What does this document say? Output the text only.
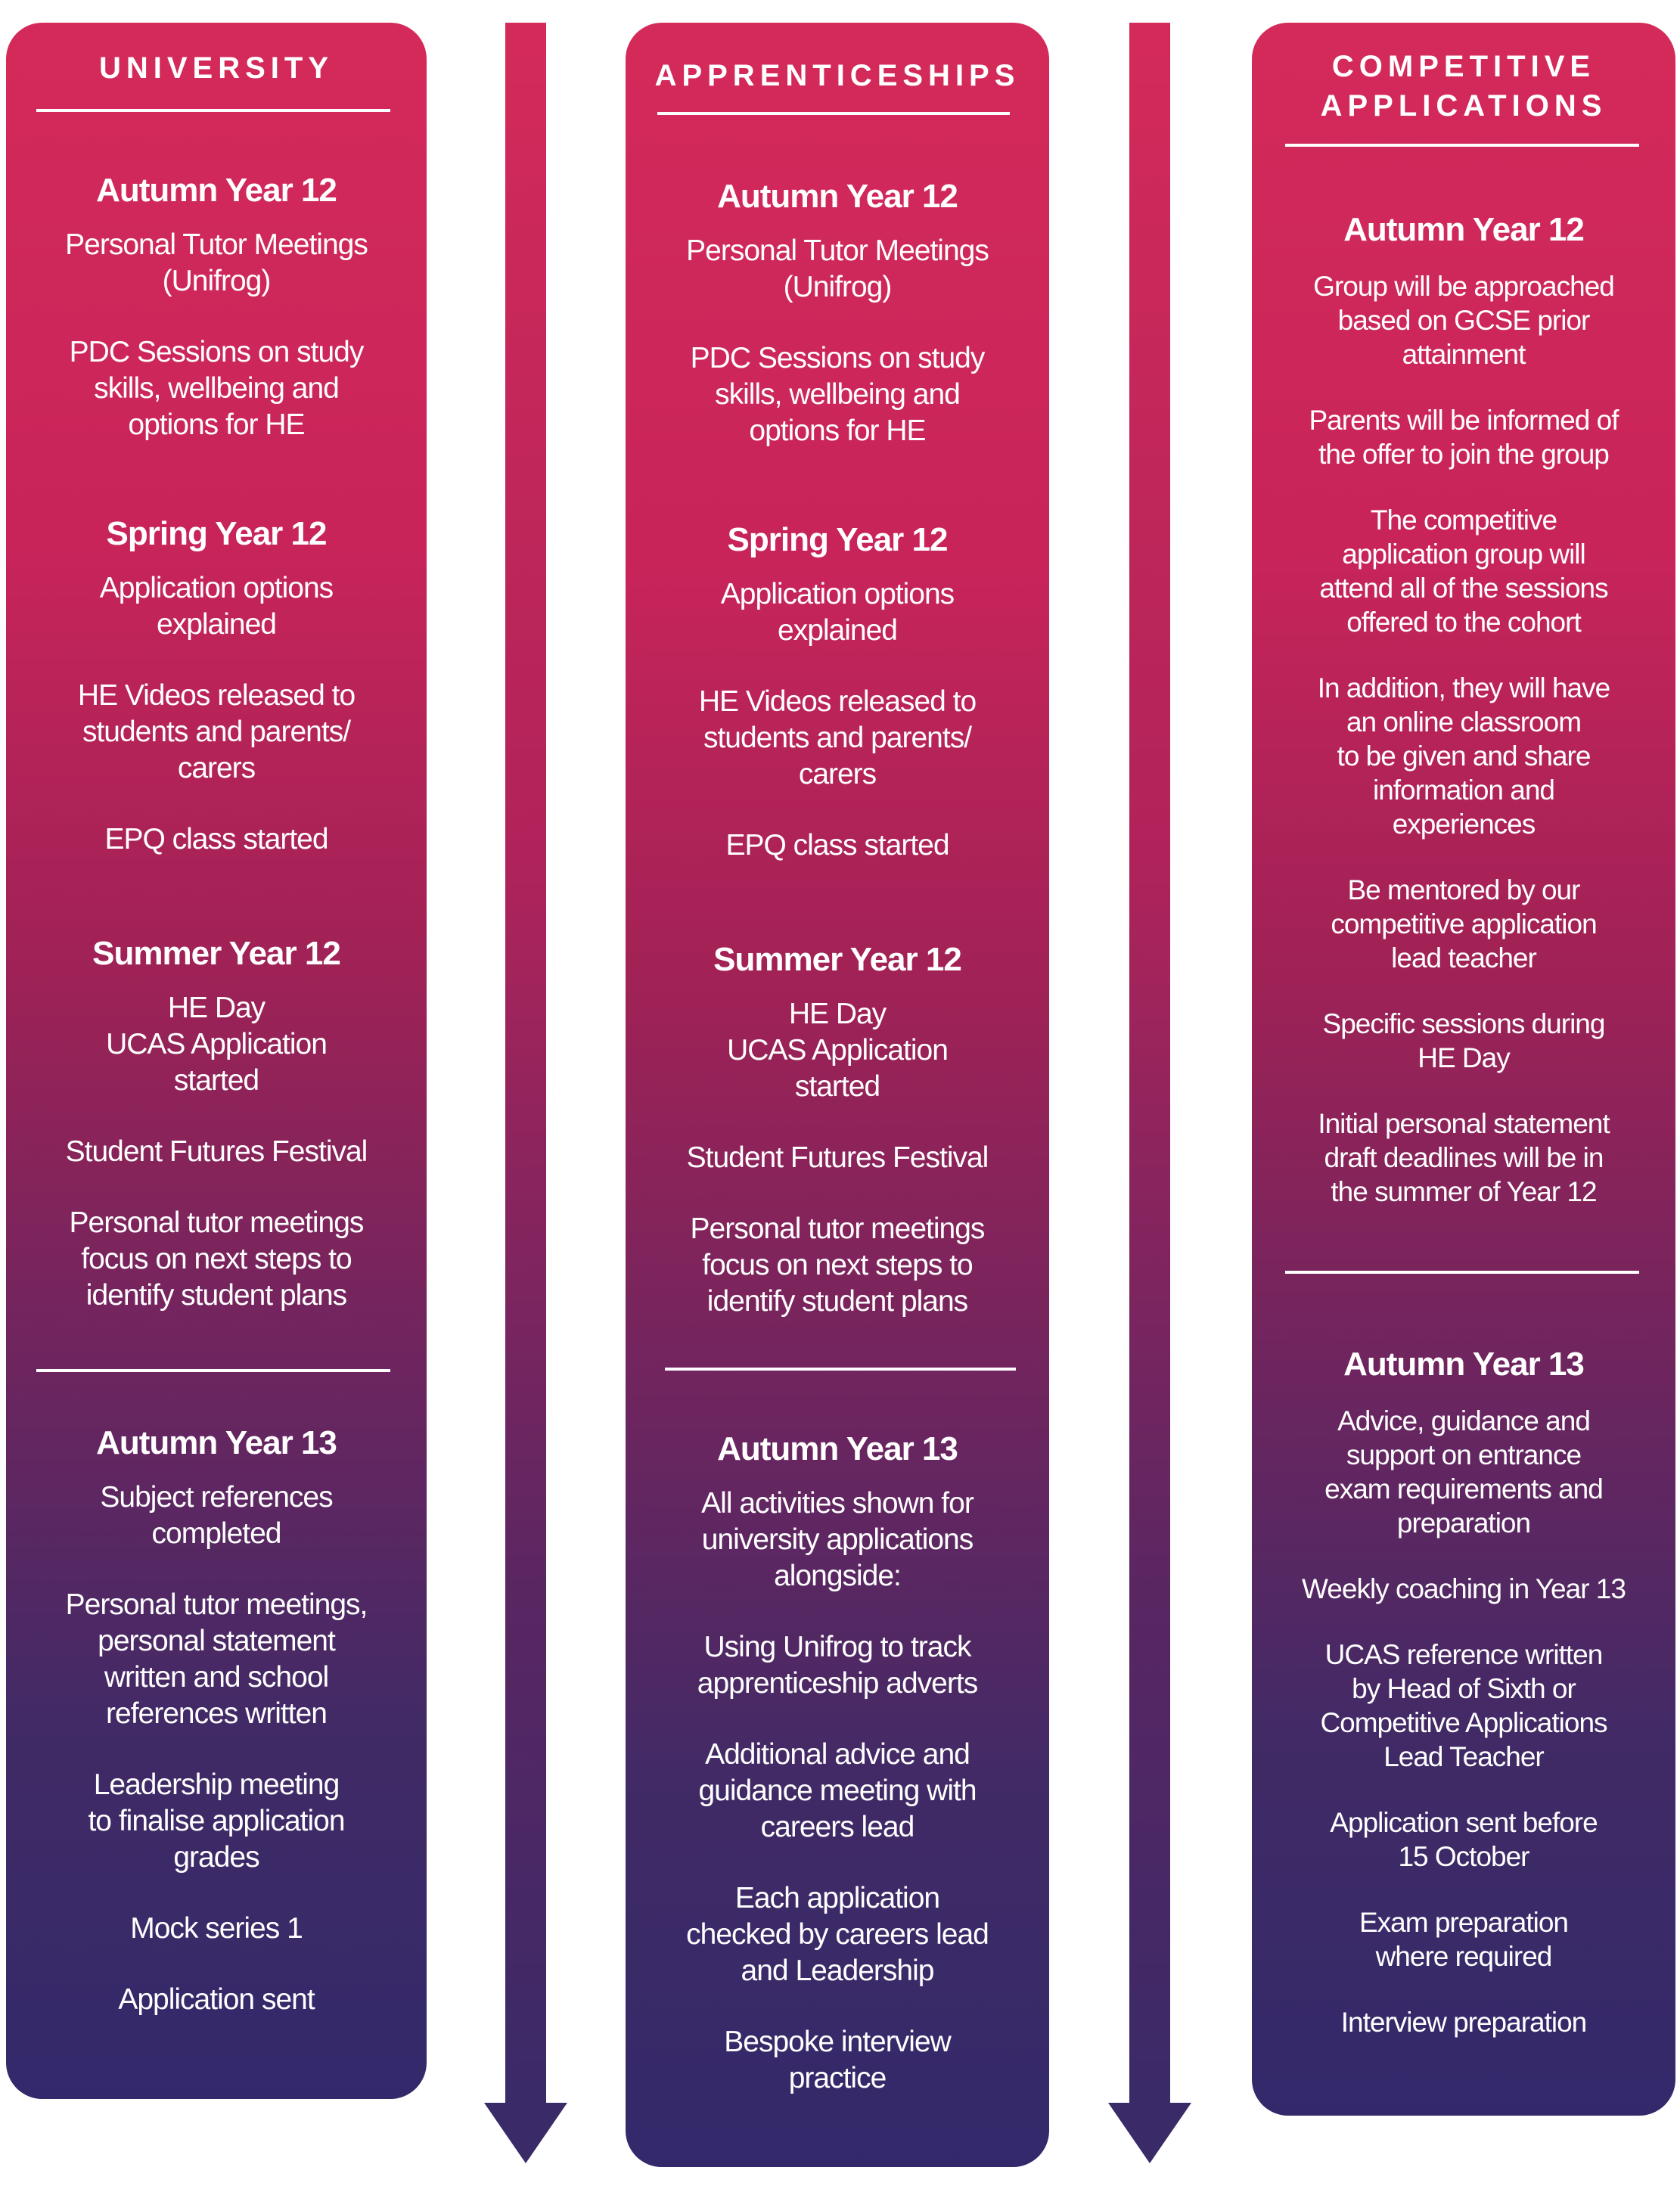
UNIVERSITY
Autumn Year 12
Personal Tutor Meetings
(Unifrog)
PDC Sessions on study
skills, wellbeing and
options for HE
Spring Year 12
Application options
explained
HE Videos released to
students and parents/
carers
EPQ class started
Summer Year 12
HE Day
UCAS Application
started
Student Futures Festival
Personal tutor meetings
focus on next steps to
identify student plans
Autumn Year 13
Subject references
completed
Personal tutor meetings,
personal statement
written and school
references written
Leadership meeting
to finalise application
grades
Mock series 1
Application sent
APPRENTICESHIPS
Autumn Year 12
Personal Tutor Meetings
(Unifrog)
PDC Sessions on study
skills, wellbeing and
options for HE
Spring Year 12
Application options
explained
HE Videos released to
students and parents/
carers
EPQ class started
Summer Year 12
HE Day
UCAS Application
started
Student Futures Festival
Personal tutor meetings
focus on next steps to
identify student plans
Autumn Year 13
All activities shown for
university applications
alongside:
Using Unifrog to track
apprenticeship adverts
Additional advice and
guidance meeting with
careers lead
Each application
checked by careers lead
and Leadership
Bespoke interview
practice
COMPETITIVE
APPLICATIONS
Autumn Year 12
Group will be approached
based on GCSE prior
attainment
Parents will be informed of
the offer to join the group
The competitive
application group will
attend all of the sessions
offered to the cohort
In addition, they will have
an online classroom
to be given and share
information and
experiences
Be mentored by our
competitive application
lead teacher
Specific sessions during
HE Day
Initial personal statement
draft deadlines will be in
the summer of Year 12
Autumn Year 13
Advice, guidance and
support on entrance
exam requirements and
preparation
Weekly coaching in Year 13
UCAS reference written
by Head of Sixth or
Competitive Applications
Lead Teacher
Application sent before
15 October
Exam preparation
where required
Interview preparation
